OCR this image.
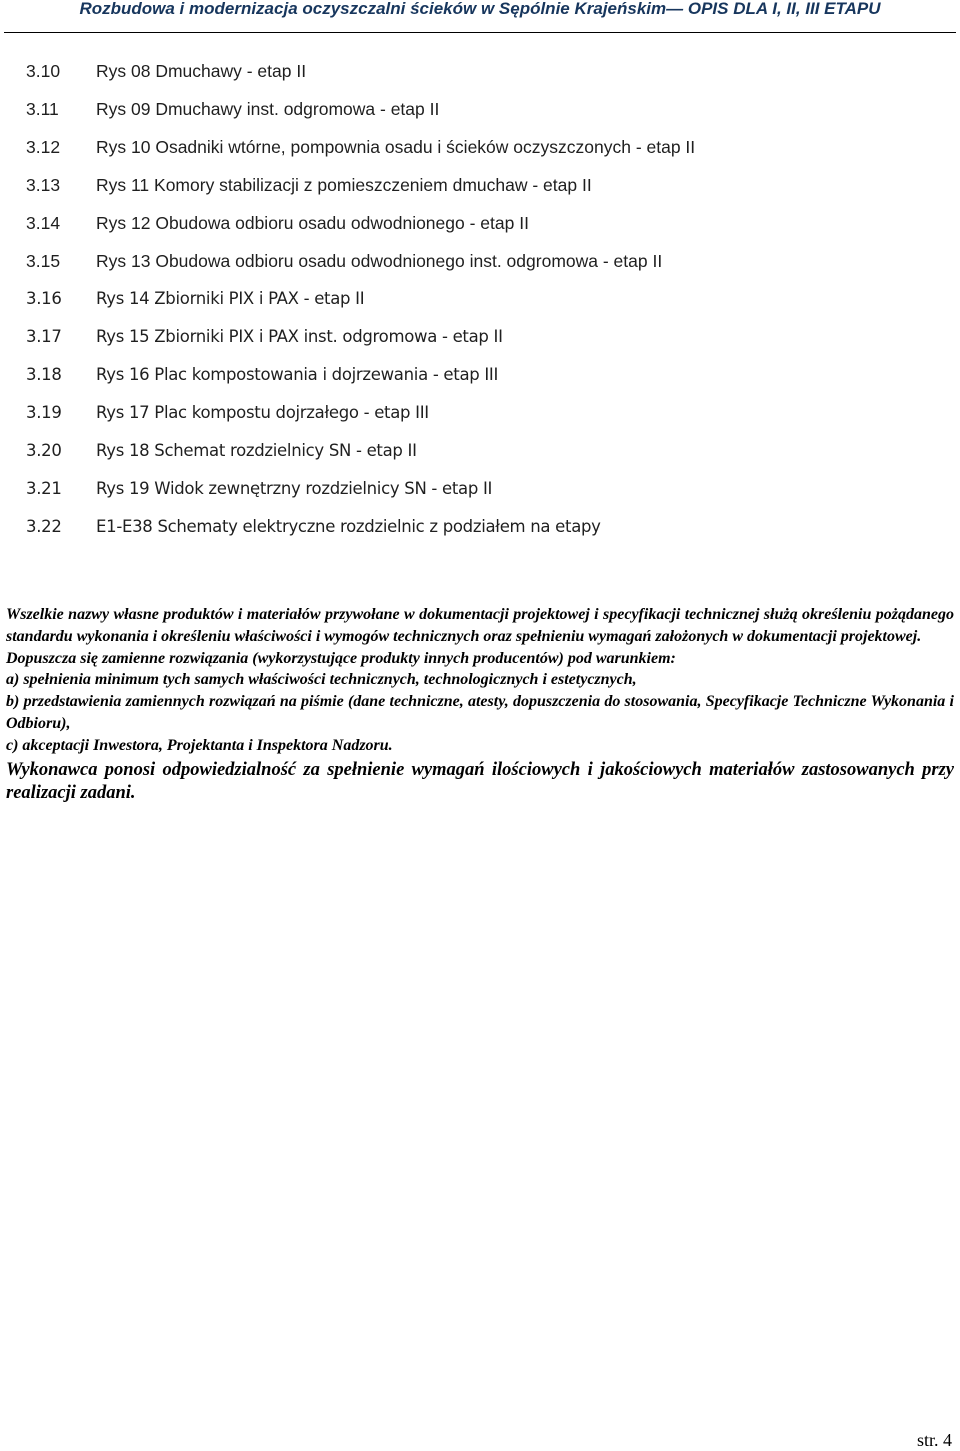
Rozbudowa i modernizacja oczyszczalni ścieków w Sępólnie Krajeńskim— OPIS DLA I, II, III ETAPU
3.10 Rys 08 Dmuchawy - etap II
3.11 Rys 09 Dmuchawy inst. odgromowa - etap II
3.12 Rys 10 Osadniki wtórne, pompownia osadu i ścieków oczyszczonych - etap II
3.13 Rys 11 Komory stabilizacji z pomieszczeniem dmuchaw - etap II
3.14 Rys 12 Obudowa odbioru osadu odwodnionego - etap II
3.15 Rys 13 Obudowa odbioru osadu odwodnionego inst. odgromowa - etap II
3.16 Rys 14 Zbiorniki PIX i PAX - etap II
3.17 Rys 15 Zbiorniki PIX i PAX inst. odgromowa - etap II
3.18 Rys 16 Plac kompostowania i dojrzewania - etap III
3.19 Rys 17 Plac kompostu dojrzałego - etap III
3.20 Rys 18 Schemat rozdzielnicy SN - etap II
3.21 Rys 19 Widok zewnętrzny rozdzielnicy SN - etap II
3.22 E1-E38 Schematy elektryczne rozdzielnic z podziałem na etapy

Wszelkie nazwy własne produktów i materiałów przywołane w dokumentacji projektowej i specyfikacji technicznej służą określeniu pożądanego standardu wykonania i określeniu właściwości i wymogów technicznych oraz spełnieniu wymagań założonych w dokumentacji projektowej.

Dopuszcza się zamienne rozwiązania (wykorzystujące produkty innych producentów) pod warunkiem:

a) spełnienia minimum tych samych właściwości technicznych, technologicznych i estetycznych,

b) przedstawienia zamiennych rozwiązań na piśmie (dane techniczne, atesty, dopuszczenia do stosowania, Specyfikacje Techniczne Wykonania i Odbioru),

c) akceptacji Inwestora, Projektanta i Inspektora Nadzoru.

Wykonawca ponosi odpowiedzialność za spełnienie wymagań ilościowych i jakościowych materiałów zastosowanych przy realizacji zadani.

str. 4
